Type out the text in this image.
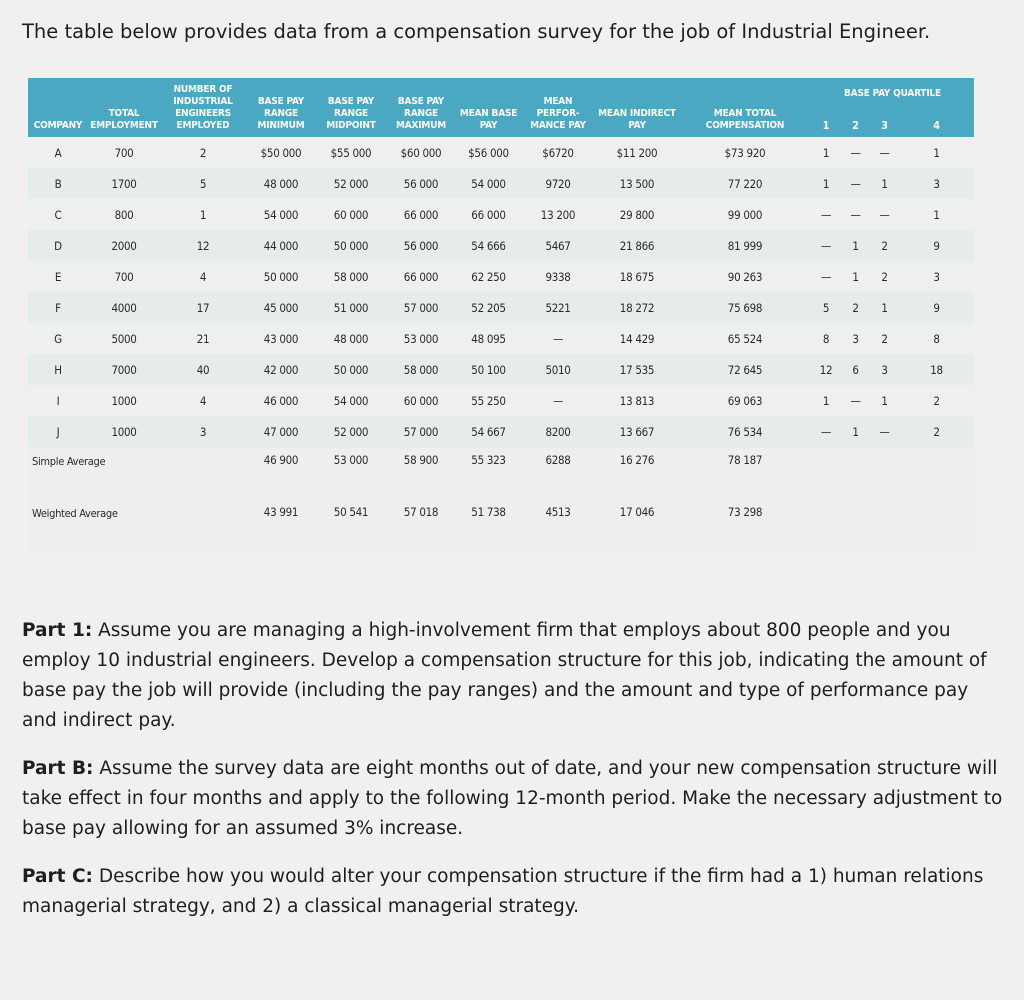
The table below provides data from a compensation survey for the job of Industrial Engineer.
COMPANY	TOTAL EMPLOYMENT	NUMBER OF INDUSTRIAL ENGINEERS EMPLOYED	BASE PAY RANGE MINIMUM	BASE PAY RANGE MIDPOINT	BASE PAY RANGE MAXIMUM	MEAN BASE PAY	MEAN PERFOR- MANCE PAY	MEAN INDIRECT PAY	MEAN TOTAL COMPENSATION	BASE PAY QUARTILE			
										1	2	3	4
A	700	2	$50 000	$55 000	$60 000	$56 000	$6720	$11 200	$73 920	1	—	—	1
B	1700	5	48 000	52 000	56 000	54 000	9720	13 500	77 220	1	—	1	3
C	800	1	54 000	60 000	66 000	66 000	13 200	29 800	99 000	—	—	—	1
D	2000	12	44 000	50 000	56 000	54 666	5467	21 866	81 999	—	1	2	9
E	700	4	50 000	58 000	66 000	62 250	9338	18 675	90 263	—	1	2	3
F	4000	17	45 000	51 000	57 000	52 205	5221	18 272	75 698	5	2	1	9
G	5000	21	43 000	48 000	53 000	48 095	—	14 429	65 524	8	3	2	8
H	7000	40	42 000	50 000	58 000	50 100	5010	17 535	72 645	12	6	3	18
I	1000	4	46 000	54 000	60 000	55 250	—	13 813	69 063	1	—	1	2
J	1000	3	47 000	52 000	57 000	54 667	8200	13 667	76 534	—	1	—	2
Simple Average			46 900	53 000	58 900	55 323	6288	16 276	78 187				
Weighted Average			43 991	50 541	57 018	51 738	4513	17 046	73 298				

Part 1: Assume you are managing a high-involvement firm that employs about 800 people and you employ 10 industrial engineers. Develop a compensation structure for this job, indicating the amount of base pay the job will provide (including the pay ranges) and the amount and type of performance pay and indirect pay.

Part B: Assume the survey data are eight months out of date, and your new compensation structure will take effect in four months and apply to the following 12-month period. Make the necessary adjustment to base pay allowing for an assumed 3% increase.

Part C: Describe how you would alter your compensation structure if the firm had a 1) human relations managerial strategy, and 2) a classical managerial strategy.
